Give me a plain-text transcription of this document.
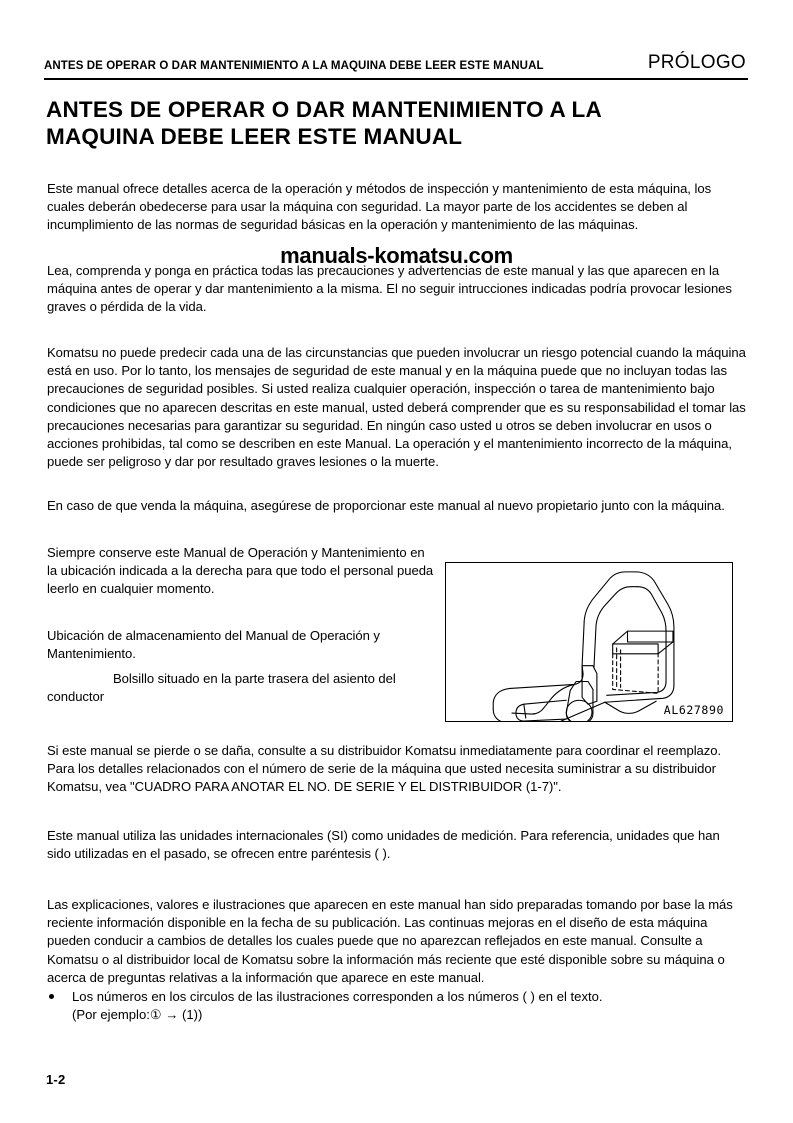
ANTES DE OPERAR O DAR MANTENIMIENTO A LA MAQUINA DEBE LEER ESTE MANUAL	PRÓLOGO
ANTES DE OPERAR O DAR MANTENIMIENTO A LA MAQUINA DEBE LEER ESTE MANUAL
Este manual ofrece detalles acerca de la operación y métodos de inspección y mantenimiento de esta máquina, los cuales deberán obedecerse para usar la máquina con seguridad. La mayor parte de los accidentes se deben al incumplimiento de las normas de seguridad básicas en la operación y mantenimiento de las máquinas.
Lea, comprenda y ponga en práctica todas las precauciones y advertencias de este manual y las que aparecen en la máquina antes de operar y dar mantenimiento a la misma. El no seguir intrucciones indicadas podría provocar lesiones graves o pérdida de la vida.
Komatsu no puede predecir cada una de las circunstancias que pueden involucrar un riesgo potencial cuando la máquina está en uso. Por lo tanto, los mensajes de seguridad de este manual y en la máquina puede que no incluyan todas las precauciones de seguridad posibles. Si usted realiza cualquier operación, inspección o tarea de mantenimiento bajo condiciones que no aparecen descritas en este manual, usted deberá comprender que es su responsabilidad el tomar las precauciones necesarias para garantizar su seguridad. En ningún caso usted u otros se deben involucrar en usos o acciones prohibidas, tal como se describen en este Manual. La operación y el mantenimiento incorrecto de la máquina, puede ser peligroso y dar por resultado graves lesiones o la muerte.
En caso de que venda la máquina, asegúrese de proporcionar este manual al nuevo propietario junto con la máquina.
Siempre conserve este Manual de Operación y Mantenimiento en la ubicación indicada a la derecha para que todo el personal pueda leerlo en cualquier momento.
Ubicación de almacenamiento del Manual de Operación y Mantenimiento.
Bolsillo situado en la parte trasera del asiento del conductor
Si este manual se pierde o se daña, consulte a su distribuidor Komatsu inmediatamente para coordinar el reemplazo. Para los detalles relacionados con el número de serie de la máquina que usted necesita suministrar a su distribuidor Komatsu, vea "CUADRO PARA ANOTAR EL NO. DE SERIE Y EL DISTRIBUIDOR (1-7)".
Este manual utiliza las unidades internacionales (SI) como unidades de medición. Para referencia, unidades que han sido utilizadas en el pasado, se ofrecen entre paréntesis ( ).
Las explicaciones, valores e ilustraciones que aparecen en este manual han sido preparadas tomando por base la más reciente información disponible en la fecha de su publicación. Las continuas mejoras en el diseño de esta máquina pueden conducir a cambios de detalles los cuales puede que no aparezcan reflejados en este manual. Consulte a Komatsu o al distribuidor local de Komatsu sobre la información más reciente que esté disponible sobre su máquina o acerca de preguntas relativas a la información que aparece en este manual.
Los números en los circulos de las ilustraciones corresponden a los números ( ) en el texto.
(Por ejemplo:① → (1))
manuals-komatsu.com
AL627890
1-2
